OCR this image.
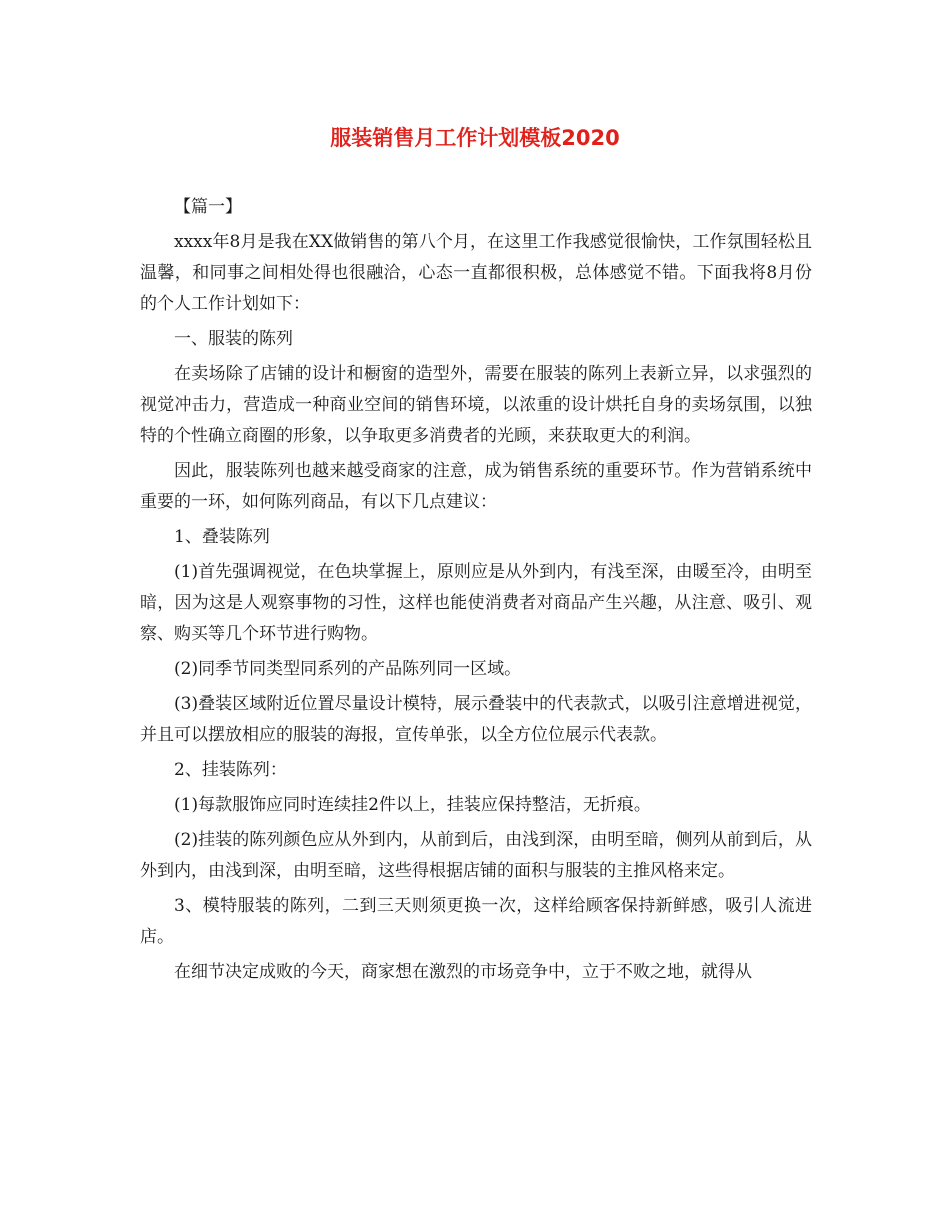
服装销售月工作计划模板2020

【篇一】

xxxx年8月是我在XX做销售的第八个月，在这里工作我感觉很愉快，工作氛围轻松且温馨，和同事之间相处得也很融洽，心态一直都很积极，总体感觉不错。下面我将8月份的个人工作计划如下：

一、服装的陈列

在卖场除了店铺的设计和橱窗的造型外，需要在服装的陈列上表新立异，以求强烈的视觉冲击力，营造成一种商业空间的销售环境，以浓重的设计烘托自身的卖场氛围，以独特的个性确立商圈的形象，以争取更多消费者的光顾，来获取更大的利润。

因此，服装陈列也越来越受商家的注意，成为销售系统的重要环节。作为营销系统中重要的一环，如何陈列商品，有以下几点建议：

1、叠装陈列

(1)首先强调视觉，在色块掌握上，原则应是从外到内，有浅至深，由暖至冷，由明至暗，因为这是人观察事物的习性，这样也能使消费者对商品产生兴趣，从注意、吸引、观察、购买等几个环节进行购物。

(2)同季节同类型同系列的产品陈列同一区域。

(3)叠装区域附近位置尽量设计模特，展示叠装中的代表款式，以吸引注意增进视觉，并且可以摆放相应的服装的海报，宣传单张，以全方位位展示代表款。

2、挂装陈列：

(1)每款服饰应同时连续挂2件以上，挂装应保持整洁，无折痕。

(2)挂装的陈列颜色应从外到内，从前到后，由浅到深，由明至暗，侧列从前到后，从外到内，由浅到深，由明至暗，这些得根据店铺的面积与服装的主推风格来定。

3、模特服装的陈列，二到三天则须更换一次，这样给顾客保持新鲜感，吸引人流进店。

在细节决定成败的今天，商家想在激烈的市场竞争中，立于不败之地，就得从
